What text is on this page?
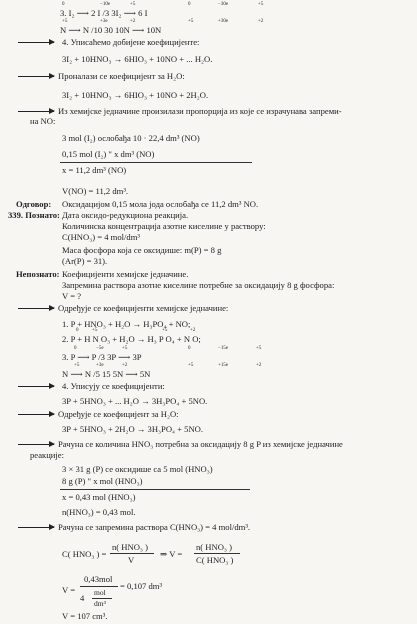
0	−10e	+5	0	−30e	+5
3. I₂ ⟶ 2 I /3 3I₂ ⟶ 6 I
+5	+3e	+2	+5	+30e	+2
N ⟶ N /10 30 10N ⟶ 10N
4. Уписаћемо добијене коефицијенте:
3I₂ + 10HNO₃ → 6HIO₃ + 10NO + ... H₂O.
Проналази се коефицијент за H₂O:
3I₂ + 10HNO₃ → 6HIO₃ + 10NO + 2H₂O.
Из хемијске једначине произилази пропорција из које се израчунава запреми-
на NO:
3 mol (I₂) ослобађа 10 · 22,4 dm³ (NO)
0,15 mol (I₂) " x dm³ (NO)
x = 11,2 dm³ (NO)
V(NO) = 11,2 dm³.
Одговор: Оксидацијом 0,15 мола јода ослобађа се 11,2 dm³ NO.
339. Познато: Дата оксидо-редукциона реакција.
Количинска концентрација азотне киселине у раствору:
C(HNO₃) = 4 mol/dm³
Маса фосфора која се оксидише: m(P) = 8 g
(Ar(P) = 31).
Непознато: Коефицијенти хемијске једначине.
Запремина раствора азотне киселине потребне за оксидацију 8 g фосфора:
V = ?
Одређује се коефицијенти хемијске једначине:
1. P + HNO₃ + H₂O → H₃PO₄ + NO;
0	+5	+5	+2
2. P + H N O₃ + H₂O → H₃ P O₄ + N O;
0	−5e	+5	0	−15e	+5
3. P ⟶ P /3 3P ⟶ 3P
+5	+3e	+2	+5	+15e	+2
N ⟶ N /5 15 5N ⟶ 5N
4. Уписују се коефицијенти:
3P + 5HNO₃ + ... H₂O → 3H₃PO₄ + 5NO.
Одређује се коефицијент за H₂O:
3P + 5HNO₃ + 2H₂O → 3H₃PO₄ + 5NO.
Рачуна се количина HNO₃ потребна за оксидацију 8 g P из хемијске једначине
реакције:
3 × 31 g (P) се оксидише са 5 mol (HNO₃)
8 g (P) " x mol (HNO₃)
x = 0,43 mol (HNO₃)
n(HNO₃) = 0,43 mol.
Рачуна се запремина раствора C(HNO₃) = 4 mol/dm³.
C( HNO₃ ) =
n( HNO₃ )
V
⇒ V =
n( HNO₃ )
C( HNO₃ )
V =
0,43mol
4
mol
dm³
= 0,107 dm³
V = 107 cm³.
